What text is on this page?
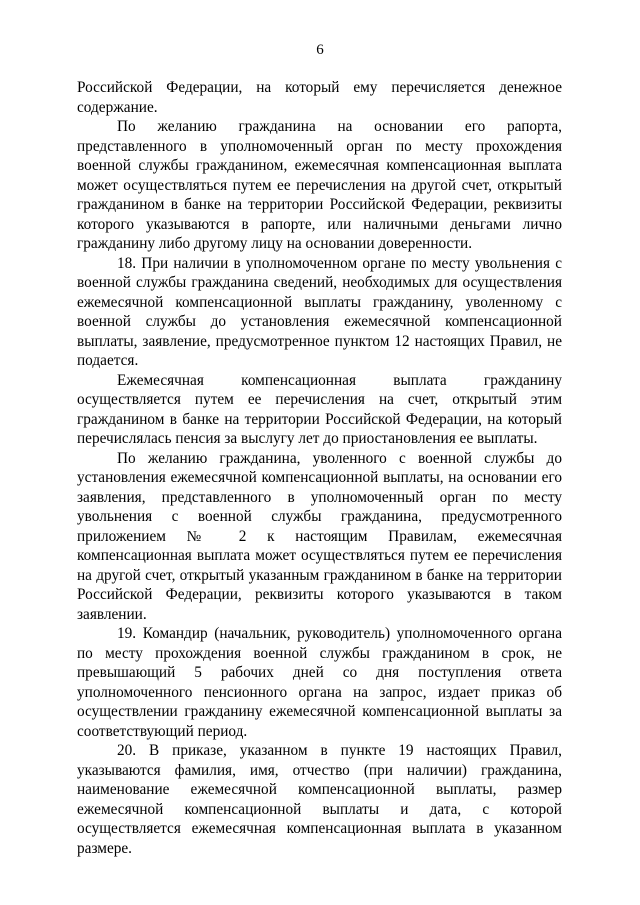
6

Российской Федерации, на который ему перечисляется денежное содержание.

По желанию гражданина на основании его рапорта, представленного в уполномоченный орган по месту прохождения военной службы гражданином, ежемесячная компенсационная выплата может осуществляться путем ее перечисления на другой счет, открытый гражданином в банке на территории Российской Федерации, реквизиты которого указываются в рапорте, или наличными деньгами лично гражданину либо другому лицу на основании доверенности.

18. При наличии в уполномоченном органе по месту увольнения с военной службы гражданина сведений, необходимых для осуществления ежемесячной компенсационной выплаты гражданину, уволенному с военной службы до установления ежемесячной компенсационной выплаты, заявление, предусмотренное пунктом 12 настоящих Правил, не подается.

Ежемесячная компенсационная выплата гражданину осуществляется путем ее перечисления на счет, открытый этим гражданином в банке на территории Российской Федерации, на который перечислялась пенсия за выслугу лет до приостановления ее выплаты.

По желанию гражданина, уволенного с военной службы до установления ежемесячной компенсационной выплаты, на основании его заявления, представленного в уполномоченный орган по месту увольнения с военной службы гражданина, предусмотренного приложением № 2 к настоящим Правилам, ежемесячная компенсационная выплата может осуществляться путем ее перечисления на другой счет, открытый указанным гражданином в банке на территории Российской Федерации, реквизиты которого указываются в таком заявлении.

19. Командир (начальник, руководитель) уполномоченного органа по месту прохождения военной службы гражданином в срок, не превышающий 5 рабочих дней со дня поступления ответа уполномоченного пенсионного органа на запрос, издает приказ об осуществлении гражданину ежемесячной компенсационной выплаты за соответствующий период.

20. В приказе, указанном в пункте 19 настоящих Правил, указываются фамилия, имя, отчество (при наличии) гражданина, наименование ежемесячной компенсационной выплаты, размер ежемесячной компенсационной выплаты и дата, с которой осуществляется ежемесячная компенсационная выплата в указанном размере.
